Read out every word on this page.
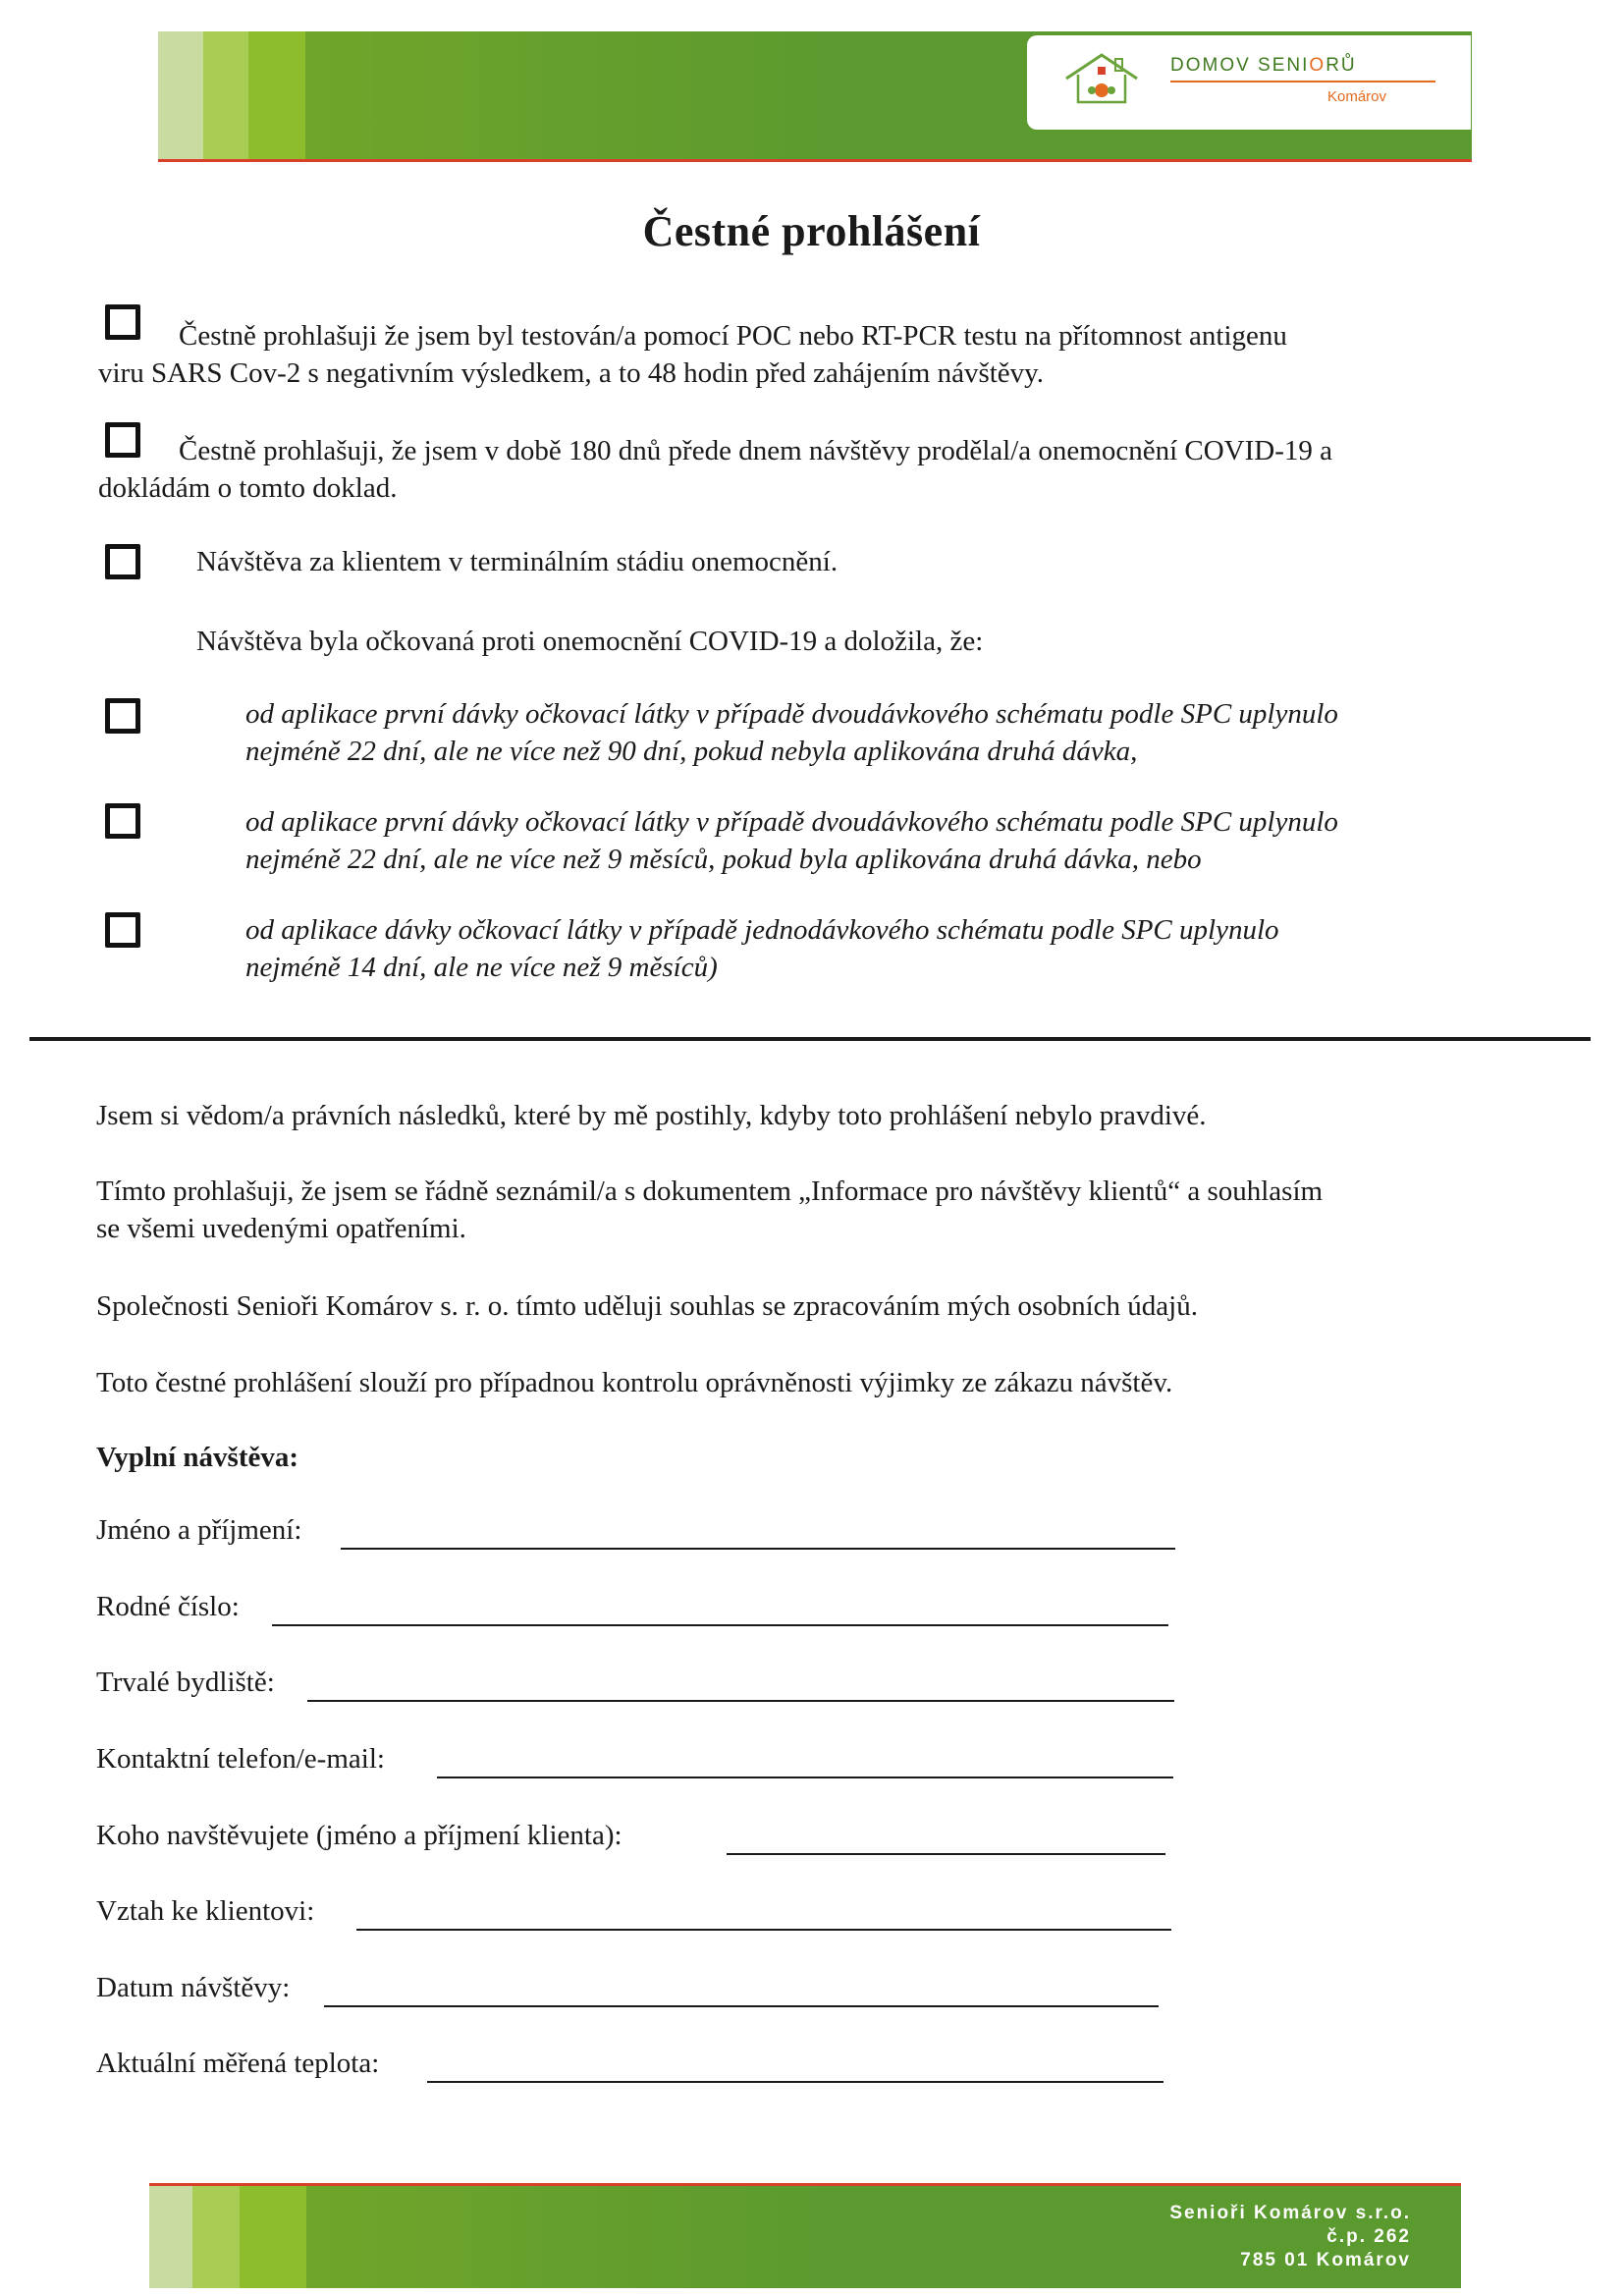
DOMOV SENIORŮ
Komárov
Čestné prohlášení
Čestně prohlašuji že jsem byl testován/a pomocí POC nebo RT-PCR testu na přítomnost antigenu
viru SARS Cov-2 s negativním výsledkem, a to 48 hodin před zahájením návštěvy.
Čestně prohlašuji, že jsem v době 180 dnů přede dnem návštěvy prodělal/a onemocnění COVID-19 a
dokládám o tomto doklad.
Návštěva za klientem v terminálním stádiu onemocnění.
Návštěva byla očkovaná proti onemocnění COVID-19 a doložila, že:
od aplikace první dávky očkovací látky v případě dvoudávkového schématu podle SPC uplynulo
nejméně 22 dní, ale ne více než 90 dní, pokud nebyla aplikována druhá dávka,
od aplikace první dávky očkovací látky v případě dvoudávkového schématu podle SPC uplynulo
nejméně 22 dní, ale ne více než 9 měsíců, pokud byla aplikována druhá dávka, nebo
od aplikace dávky očkovací látky v případě jednodávkového schématu podle SPC uplynulo
nejméně 14 dní, ale ne více než 9 měsíců)
Jsem si vědom/a právních následků, které by mě postihly, kdyby toto prohlášení nebylo pravdivé.
Tímto prohlašuji, že jsem se řádně seznámil/a s dokumentem „Informace pro návštěvy klientů“ a souhlasím
se všemi uvedenými opatřeními.
Společnosti Senioři Komárov s. r. o. tímto uděluji souhlas se zpracováním mých osobních údajů.
Toto čestné prohlášení slouží pro případnou kontrolu oprávněnosti výjimky ze zákazu návštěv.
Vyplní návštěva:
Jméno a příjmení:
Rodné číslo:
Trvalé bydliště:
Kontaktní telefon/e-mail:
Koho navštěvujete (jméno a příjmení klienta):
Vztah ke klientovi:
Datum návštěvy:
Aktuální měřená teplota:
Senioři Komárov s.r.o.
č.p. 262
785 01 Komárov
